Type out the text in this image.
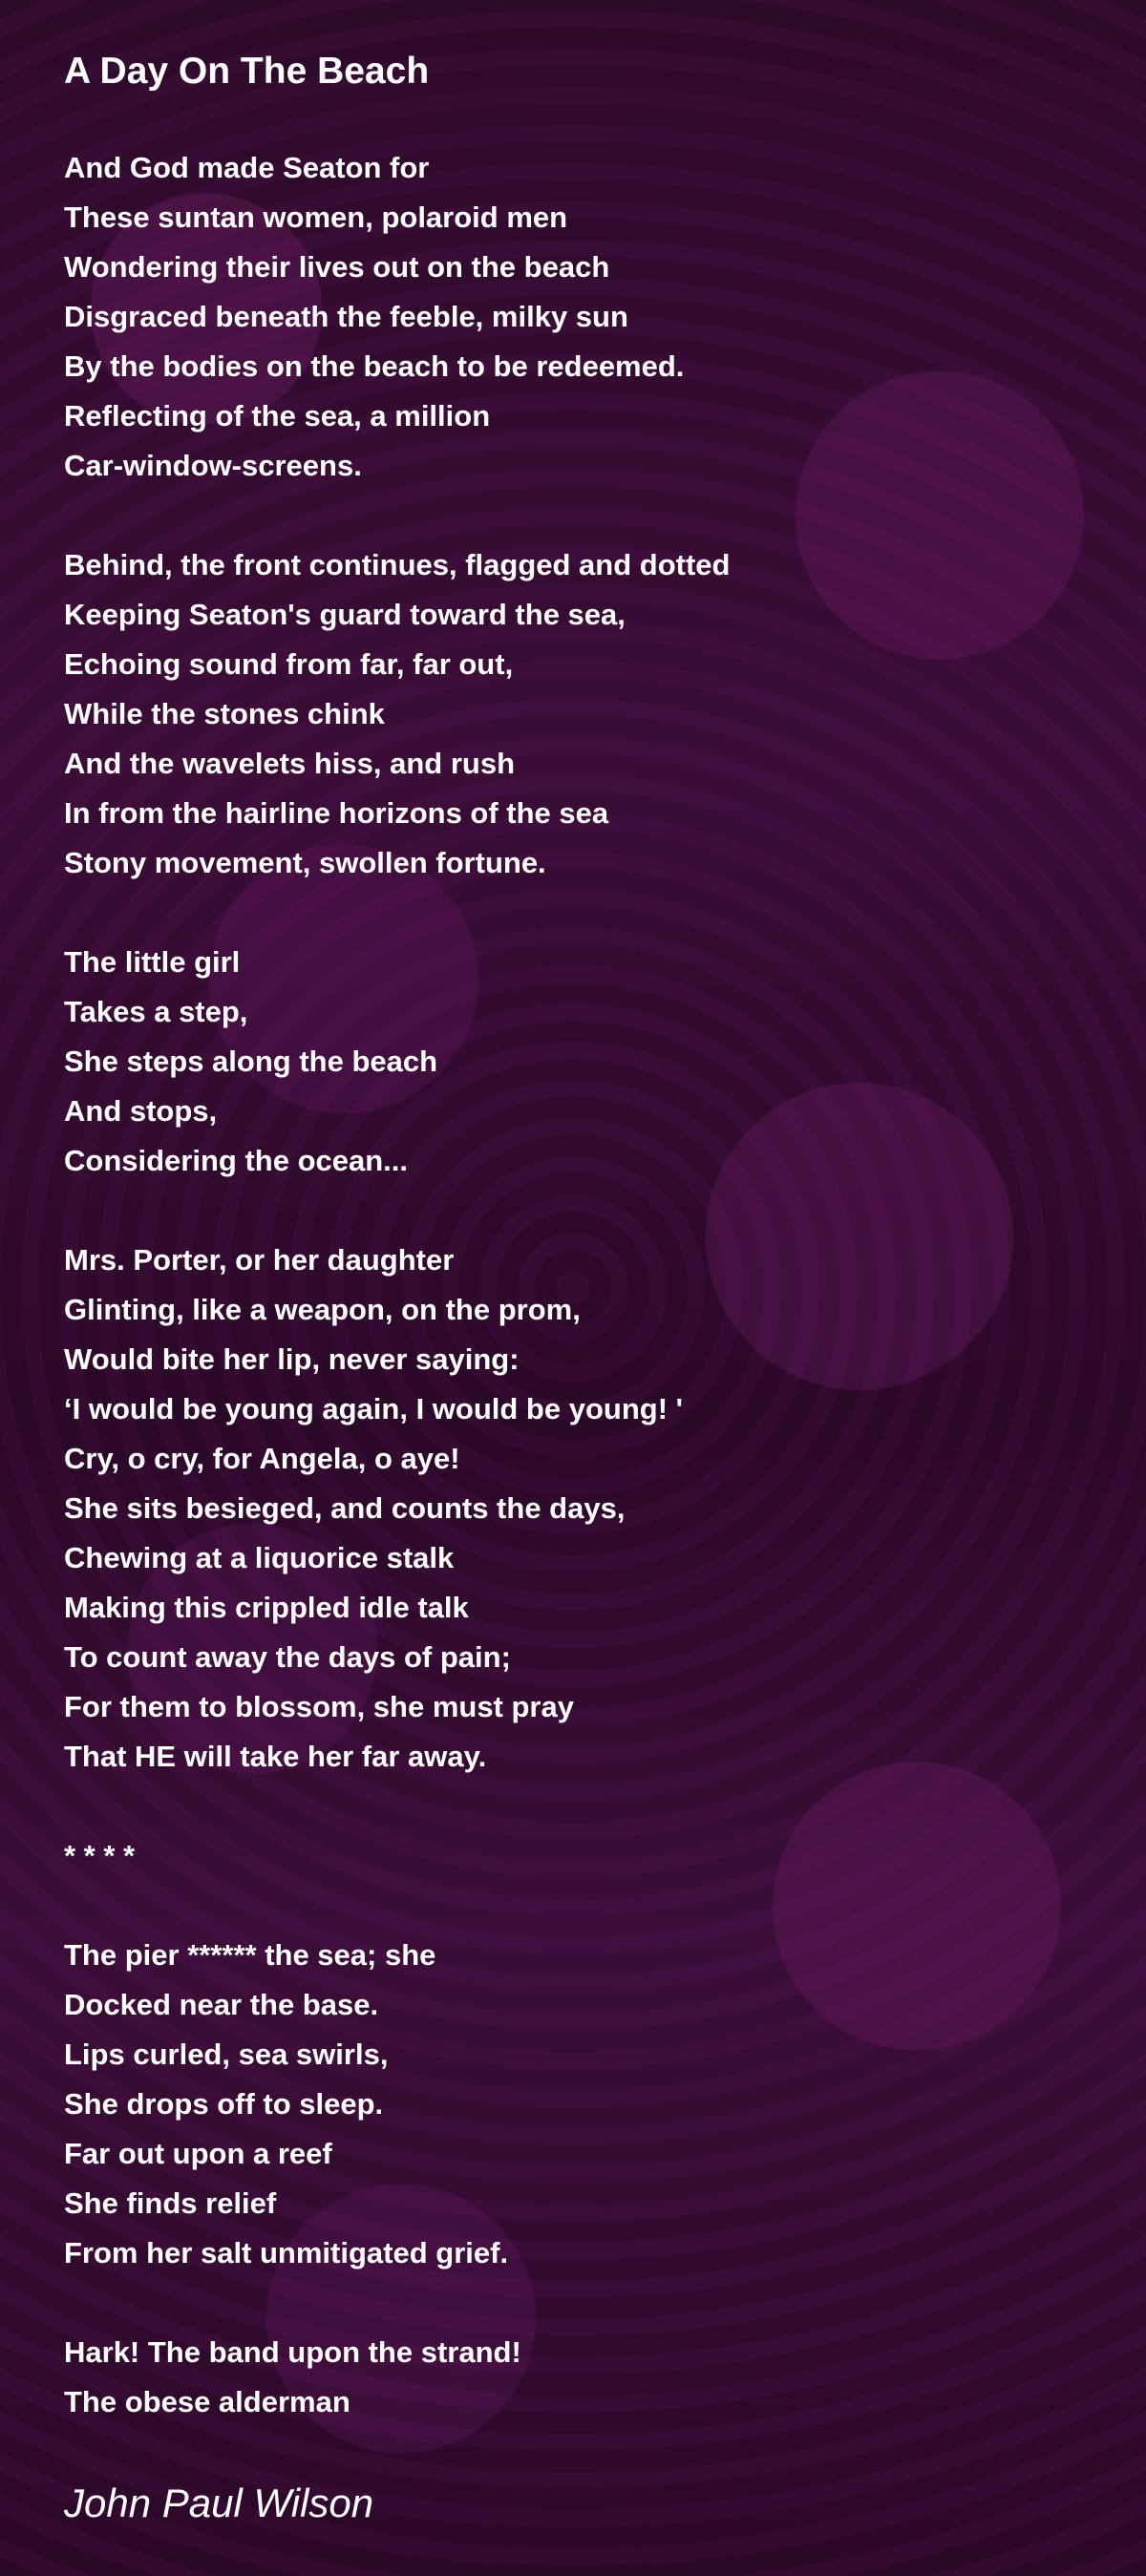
A Day On The Beach
And God made Seaton for
These suntan women, polaroid men
Wondering their lives out on the beach
Disgraced beneath the feeble, milky sun
By the bodies on the beach to be redeemed.
Reflecting of the sea, a million
Car-window-screens.
Behind, the front continues, flagged and dotted
Keeping Seaton's guard toward the sea,
Echoing sound from far, far out,
While the stones chink
And the wavelets hiss, and rush
In from the hairline horizons of the sea
Stony movement, swollen fortune.
The little girl
Takes a step,
She steps along the beach
And stops,
Considering the ocean...
Mrs. Porter, or her daughter
Glinting, like a weapon, on the prom,
Would bite her lip, never saying:
‘I would be young again, I would be young! '
Cry, o cry, for Angela, o aye!
She sits besieged, and counts the days,
Chewing at a liquorice stalk
Making this crippled idle talk
To count away the days of pain;
For them to blossom, she must pray
That HE will take her far away.
* * * *
The pier ****** the sea; she
Docked near the base.
Lips curled, sea swirls,
She drops off to sleep.
Far out upon a reef
She finds relief
From her salt unmitigated grief.
Hark! The band upon the strand!
The obese alderman
John Paul Wilson
